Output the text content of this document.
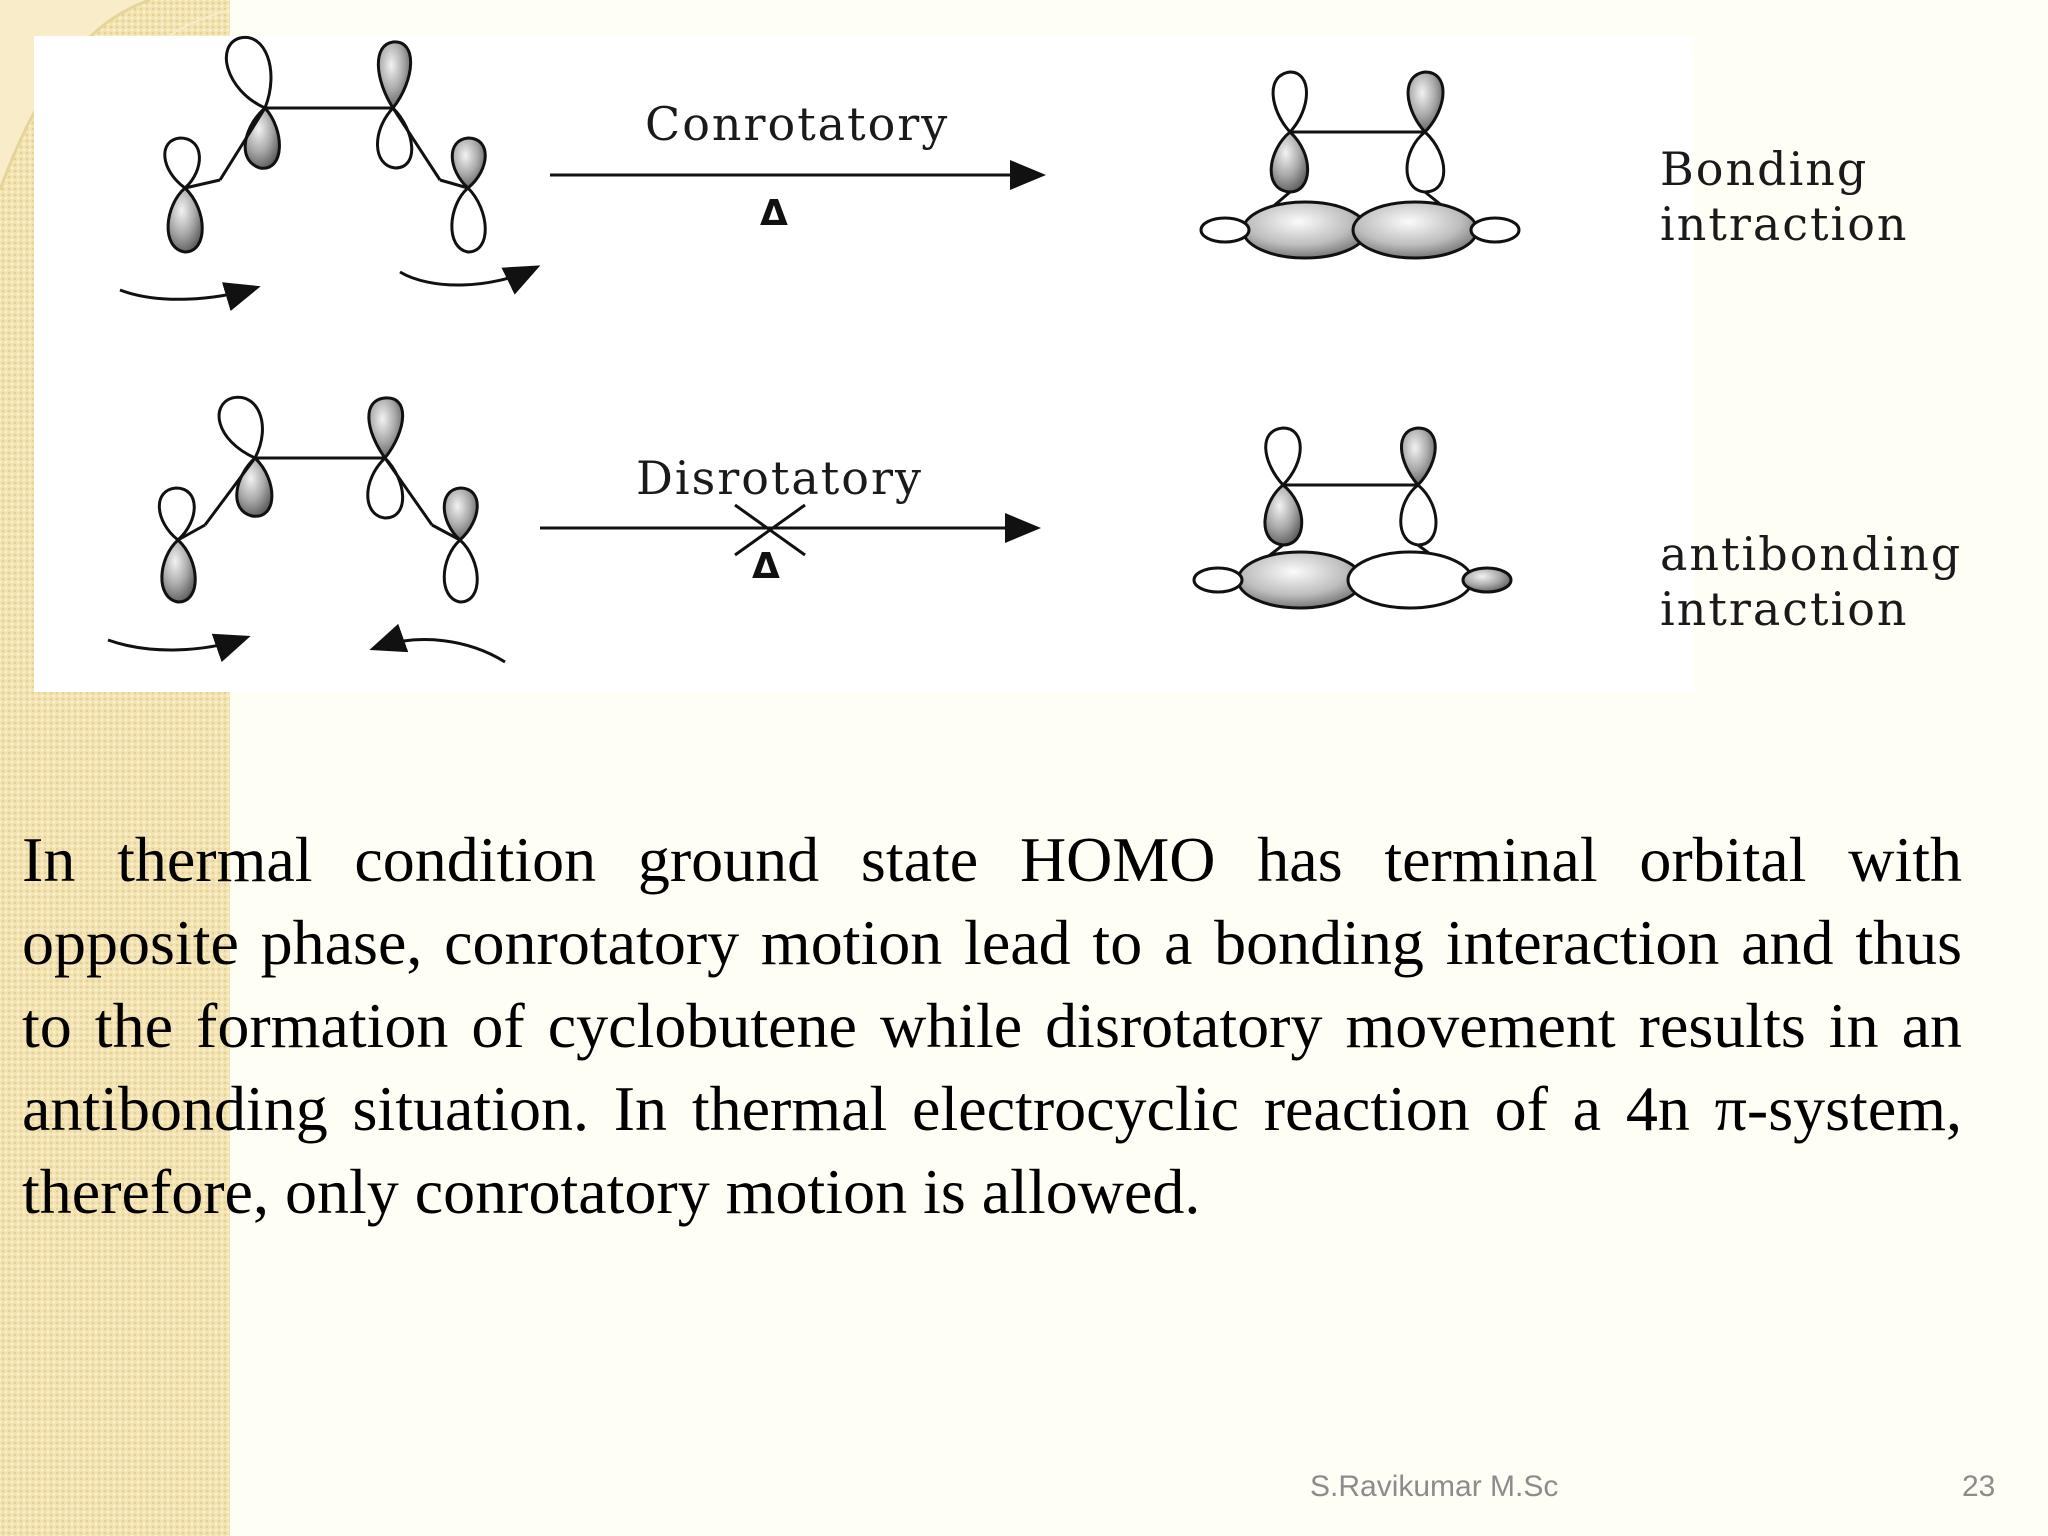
Conrotatory
Δ
Bonding
intraction
Disrotatory
Δ	antibonding
intraction

In thermal condition ground state HOMO has terminal orbital with opposite phase, conrotatory motion lead to a bonding interaction and thus to the formation of cyclobutene while disrotatory movement results in an antibonding situation. In thermal electrocyclic reaction of a 4n π-system, therefore, only conrotatory motion is allowed.

S.Ravikumar M.Sc	23
